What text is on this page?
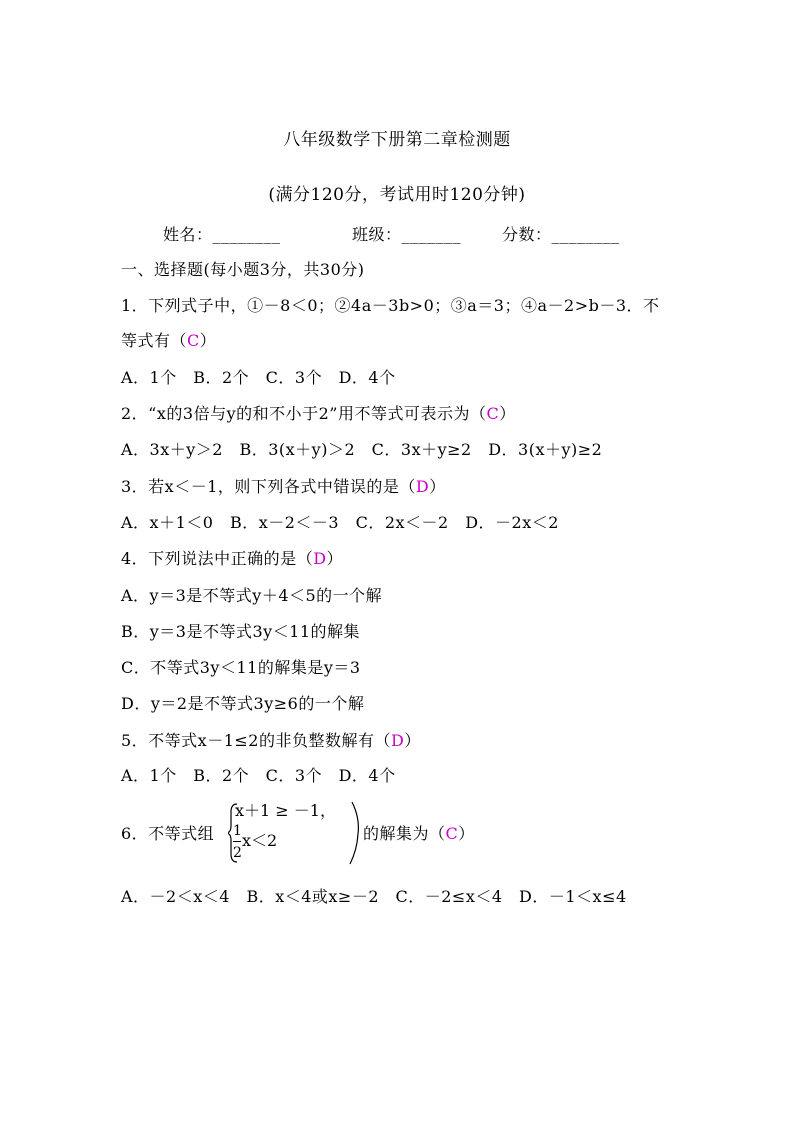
八年级数学下册第二章检测题
(满分120分，考试用时120分钟)
姓名：________	班级：_______	分数：________
一、选择题(每小题3分，共30分)
1．下列式子中，①－8＜0；②4a－3b>0；③a＝3；④a－2>b－3．不
等式有（C）
A．1个　B．2个　C．3个　D．4个
2．“x的3倍与y的和不小于2”用不等式可表示为（C）
A．3x＋y＞2　B．3(x＋y)＞2　C．3x＋y≥2　D．3(x＋y)≥2
3．若x＜－1，则下列各式中错误的是（D）
A．x＋1＜0　B．x－2＜－3　C．2x＜－2　D．－2x＜2
4．下列说法中正确的是（D）
A．y＝3是不等式y＋4＜5的一个解
B．y＝3是不等式3y＜11的解集
C．不等式3y＜11的解集是y＝3
D．y＝2是不等式3y≥6的一个解
5．不等式x－1≤2的非负整数解有（D）
A．1个　B．2个　C．3个　D．4个
6．不等式组
x＋1 ≥ －1，
1 x＜2
2
的解集为（C）
A．－2＜x＜4　B．x＜4或x≥－2　C．－2≤x＜4　D．－1＜x≤4
